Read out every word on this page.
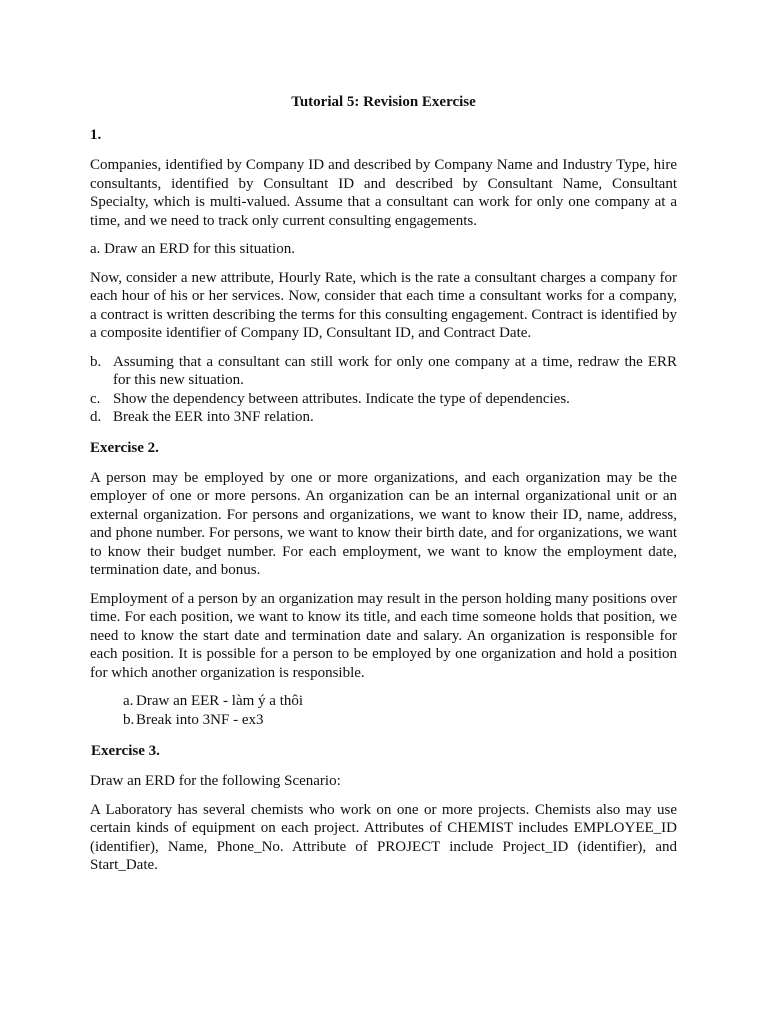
Tutorial 5: Revision Exercise
1.

Companies, identified by Company ID and described by Company Name and Industry Type, hire consultants, identified by Consultant ID and described by Consultant Name, Consultant Specialty, which is multi-valued. Assume that a consultant can work for only one company at a time, and we need to track only current consulting engagements.

a. Draw an ERD for this situation.

Now, consider a new attribute, Hourly Rate, which is the rate a consultant charges a company for each hour of his or her services. Now, consider that each time a consultant works for a company, a contract is written describing the terms for this consulting engagement. Contract is identified by a composite identifier of Company ID, Consultant ID, and Contract Date.

b. Assuming that a consultant can still work for only one company at a time, redraw the ERR for this new situation.
c. Show the dependency between attributes. Indicate the type of dependencies.
d. Break the EER into 3NF relation.
Exercise 2.

A person may be employed by one or more organizations, and each organization may be the employer of one or more persons. An organization can be an internal organizational unit or an external organization. For persons and organizations, we want to know their ID, name, address, and phone number. For persons, we want to know their birth date, and for organizations, we want to know their budget number. For each employment, we want to know the employment date, termination date, and bonus.

Employment of a person by an organization may result in the person holding many positions over time. For each position, we want to know its title, and each time someone holds that position, we need to know the start date and termination date and salary. An organization is responsible for each position. It is possible for a person to be employed by one organization and hold a position for which another organization is responsible.

a. Draw an EER - làm ý a thôi
b. Break into 3NF - ex3
Exercise 3.

Draw an ERD for the following Scenario:

A Laboratory has several chemists who work on one or more projects. Chemists also may use certain kinds of equipment on each project. Attributes of CHEMIST includes EMPLOYEE_ID (identifier), Name, Phone_No. Attribute of PROJECT include Project_ID (identifier), and Start_Date.
